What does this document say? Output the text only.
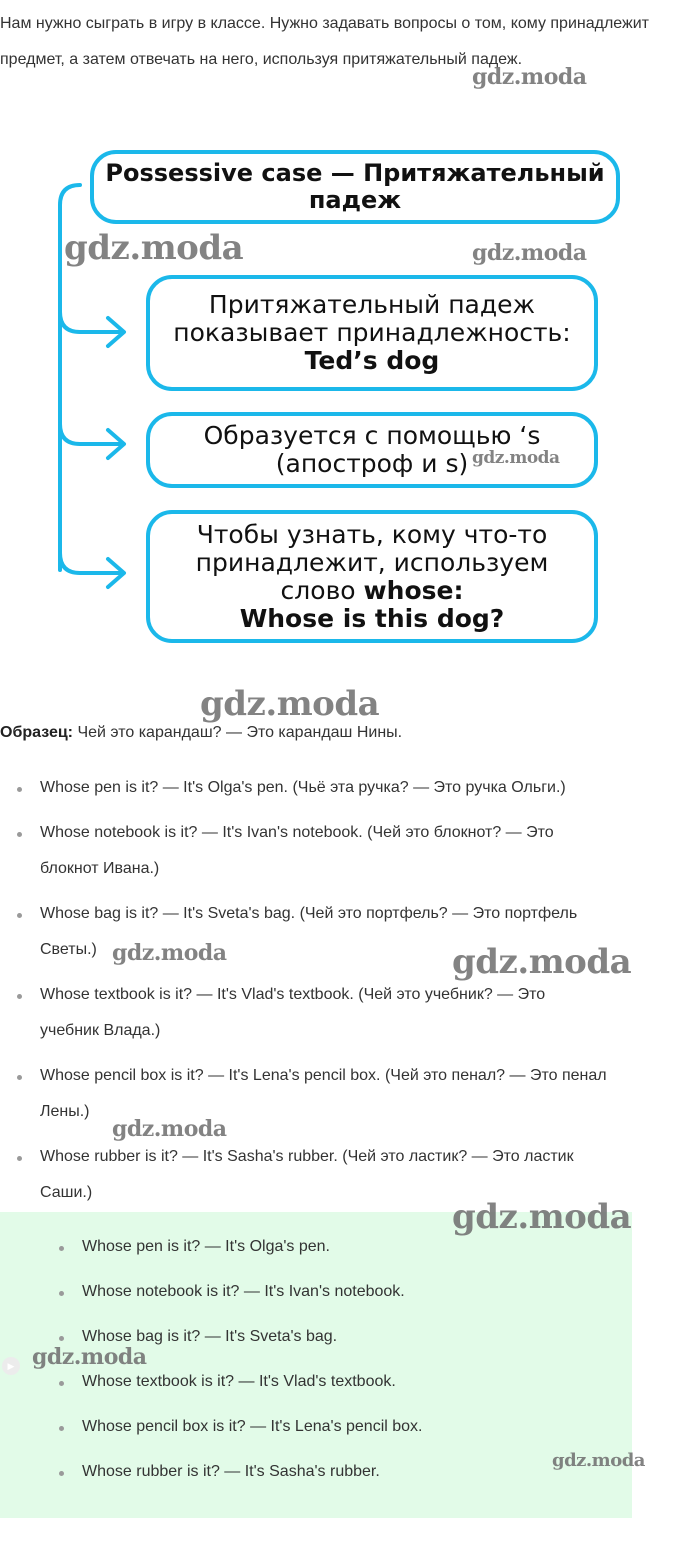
Нам нужно сыграть в игру в классе. Нужно задавать вопросы о том, кому принадлежит предмет, а затем отвечать на него, используя притяжательный падеж.

Possessive case — Притяжательный падеж
Притяжательный падеж
показывает принадлежность:
Ted’s dog
Образуется с помощью ‘s
(апостроф и s)
Чтобы узнать, кому что-то
принадлежит, используем
слово whose:
Whose is this dog?

Образец: Чей это карандаш? — Это карандаш Нины.

Whose pen is it? — It's Olga's pen. (Чьё эта ручка? — Это ручка Ольги.)
Whose notebook is it? — It's Ivan's notebook. (Чей это блокнот? — Это
блокнот Ивана.)
Whose bag is it? — It's Sveta's bag. (Чей это портфель? — Это портфель
Светы.)
Whose textbook is it? — It's Vlad's textbook. (Чей это учебник? — Это
учебник Влада.)
Whose pencil box is it? — It's Lena's pencil box. (Чей это пенал? — Это пенал
Лены.)
Whose rubber is it? — It's Sasha's rubber. (Чей это ластик? — Это ластик
Саши.)
Whose pen is it? — It's Olga's pen.
Whose notebook is it? — It's Ivan's notebook.
Whose bag is it? — It's Sveta's bag.
Whose textbook is it? — It's Vlad's textbook.
Whose pencil box is it? — It's Lena's pencil box.
Whose rubber is it? — It's Sasha's rubber.
▶
gdz.moda
gdz.moda	gdz.moda
gdz.moda
gdz.moda
gdz.moda	gdz.moda
gdz.moda
gdz.moda
gdz.moda
gdz.moda
